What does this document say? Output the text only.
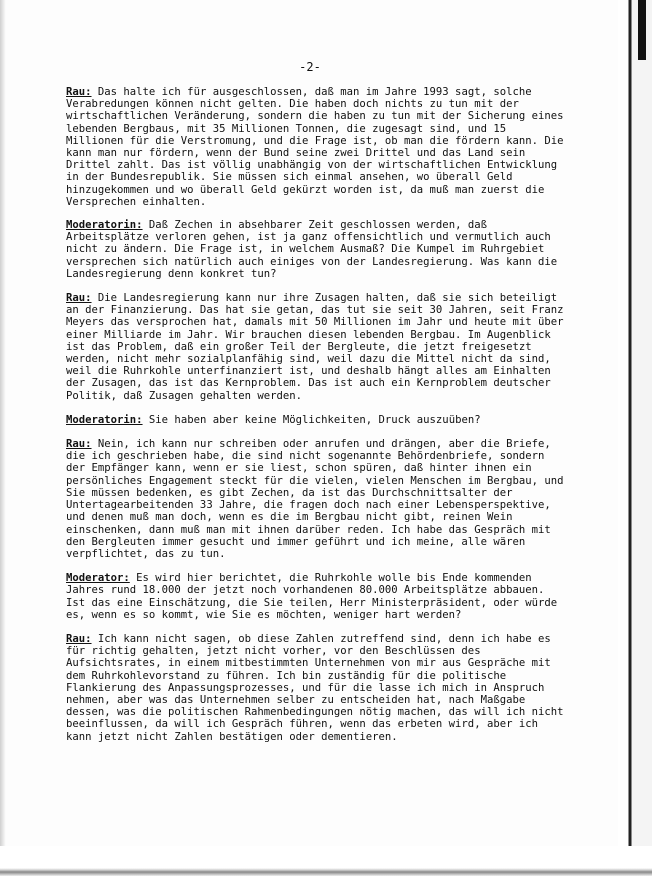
-2-

Rau: Das halte ich für ausgeschlossen, daß man im Jahre 1993 sagt, solche Verabredungen können nicht gelten. Die haben doch nichts zu tun mit der wirtschaftlichen Veränderung, sondern die haben zu tun mit der Sicherung eines lebenden Bergbaus, mit 35 Millionen Tonnen, die zugesagt sind, und 15 Millionen für die Verstromung, und die Frage ist, ob man die fördern kann. Die kann man nur fördern, wenn der Bund seine zwei Drittel und das Land sein Drittel zahlt. Das ist völlig unabhängig von der wirtschaftlichen Entwicklung in der Bundesrepublik. Sie müssen sich einmal ansehen, wo überall Geld hinzugekommen und wo überall Geld gekürzt worden ist, da muß man zuerst die Versprechen einhalten.

Moderatorin: Daß Zechen in absehbarer Zeit geschlossen werden, daß Arbeitsplätze verloren gehen, ist ja ganz offensichtlich und vermutlich auch nicht zu ändern. Die Frage ist, in welchem Ausmaß? Die Kumpel im Ruhrgebiet versprechen sich natürlich auch einiges von der Landesregierung. Was kann die Landesregierung denn konkret tun?

Rau: Die Landesregierung kann nur ihre Zusagen halten, daß sie sich beteiligt an der Finanzierung. Das hat sie getan, das tut sie seit 30 Jahren, seit Franz Meyers das versprochen hat, damals mit 50 Millionen im Jahr und heute mit über einer Milliarde im Jahr. Wir brauchen diesen lebenden Bergbau. Im Augenblick ist das Problem, daß ein großer Teil der Bergleute, die jetzt freigesetzt werden, nicht mehr sozialplanfähig sind, weil dazu die Mittel nicht da sind, weil die Ruhrkohle unterfinanziert ist, und deshalb hängt alles am Einhalten der Zusagen, das ist das Kernproblem. Das ist auch ein Kernproblem deutscher Politik, daß Zusagen gehalten werden.

Moderatorin: Sie haben aber keine Möglichkeiten, Druck auszuüben?

Rau: Nein, ich kann nur schreiben oder anrufen und drängen, aber die Briefe, die ich geschrieben habe, die sind nicht sogenannte Behördenbriefe, sondern der Empfänger kann, wenn er sie liest, schon spüren, daß hinter ihnen ein persönliches Engagement steckt für die vielen, vielen Menschen im Bergbau, und Sie müssen bedenken, es gibt Zechen, da ist das Durchschnittsalter der Untertagearbeitenden 33 Jahre, die fragen doch nach einer Lebensperspektive, und denen muß man doch, wenn es die im Bergbau nicht gibt, reinen Wein einschenken, dann muß man mit ihnen darüber reden. Ich habe das Gespräch mit den Bergleuten immer gesucht und immer geführt und ich meine, alle wären verpflichtet, das zu tun.

Moderator: Es wird hier berichtet, die Ruhrkohle wolle bis Ende kommenden Jahres rund 18.000 der jetzt noch vorhandenen 80.000 Arbeitsplätze abbauen. Ist das eine Einschätzung, die Sie teilen, Herr Ministerpräsident, oder würde es, wenn es so kommt, wie Sie es möchten, weniger hart werden?

Rau: Ich kann nicht sagen, ob diese Zahlen zutreffend sind, denn ich habe es für richtig gehalten, jetzt nicht vorher, vor den Beschlüssen des Aufsichtsrates, in einem mitbestimmten Unternehmen von mir aus Gespräche mit dem Ruhrkohlevorstand zu führen. Ich bin zuständig für die politische Flankierung des Anpassungsprozesses, und für die lasse ich mich in Anspruch nehmen, aber was das Unternehmen selber zu entscheiden hat, nach Maßgabe dessen, was die politischen Rahmenbedingungen nötig machen, das will ich nicht beeinflussen, da will ich Gespräch führen, wenn das erbeten wird, aber ich kann jetzt nicht Zahlen bestätigen oder dementieren.
